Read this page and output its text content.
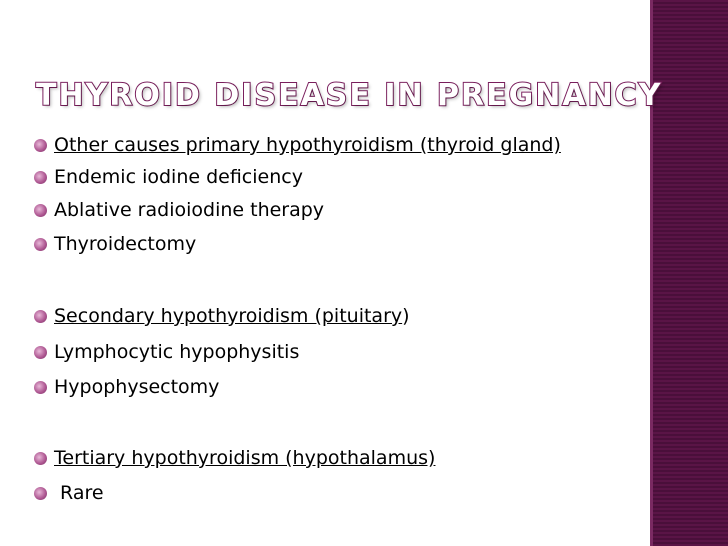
THYROID DISEASE IN PREGNANCY
Other causes primary hypothyroidism (thyroid gland)
Endemic iodine deficiency
Ablative radioiodine therapy
Thyroidectomy
Secondary hypothyroidism (pituitary )
Lymphocytic hypophysitis
Hypophysectomy
Tertiary hypothyroidism (hypothalamus)
Rare
